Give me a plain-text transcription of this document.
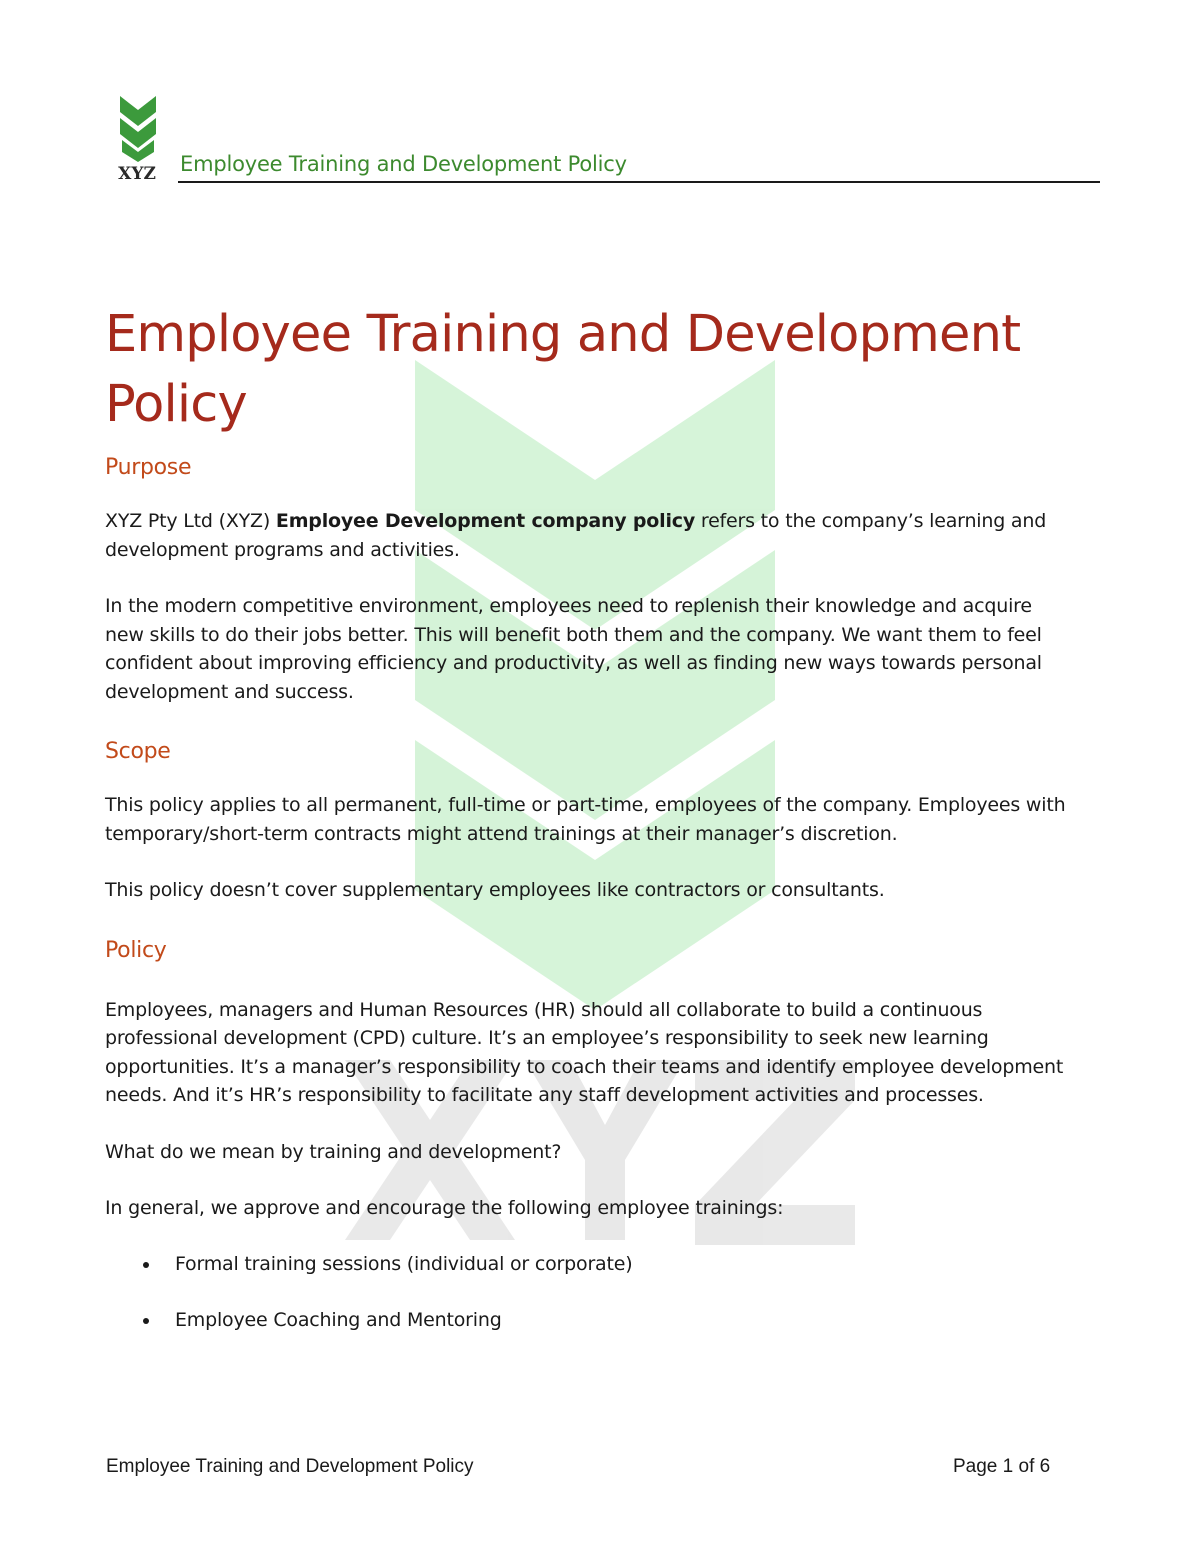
XYZ Employee Training and Development Policy
Employee Training and Development
Policy
Purpose

XYZ Pty Ltd (XYZ) Employee Development company policy refers to the company’s learning and
development programs and activities.

In the modern competitive environment, employees need to replenish their knowledge and acquire
new skills to do their jobs better. This will benefit both them and the company. We want them to feel
confident about improving efficiency and productivity, as well as finding new ways towards personal
development and success.

Scope

This policy applies to all permanent, full-time or part-time, employees of the company. Employees with
temporary/short-term contracts might attend trainings at their manager’s discretion.

This policy doesn’t cover supplementary employees like contractors or consultants.

Policy

Employees, managers and Human Resources (HR) should all collaborate to build a continuous
professional development (CPD) culture. It’s an employee’s responsibility to seek new learning
opportunities. It’s a manager’s responsibility to coach their teams and identify employee development
needs. And it’s HR’s responsibility to facilitate any staff development activities and processes.

What do we mean by training and development?

In general, we approve and encourage the following employee trainings:

Formal training sessions (individual or corporate)
Employee Coaching and Mentoring
Employee Training and Development Policy	Page 1 of 6
